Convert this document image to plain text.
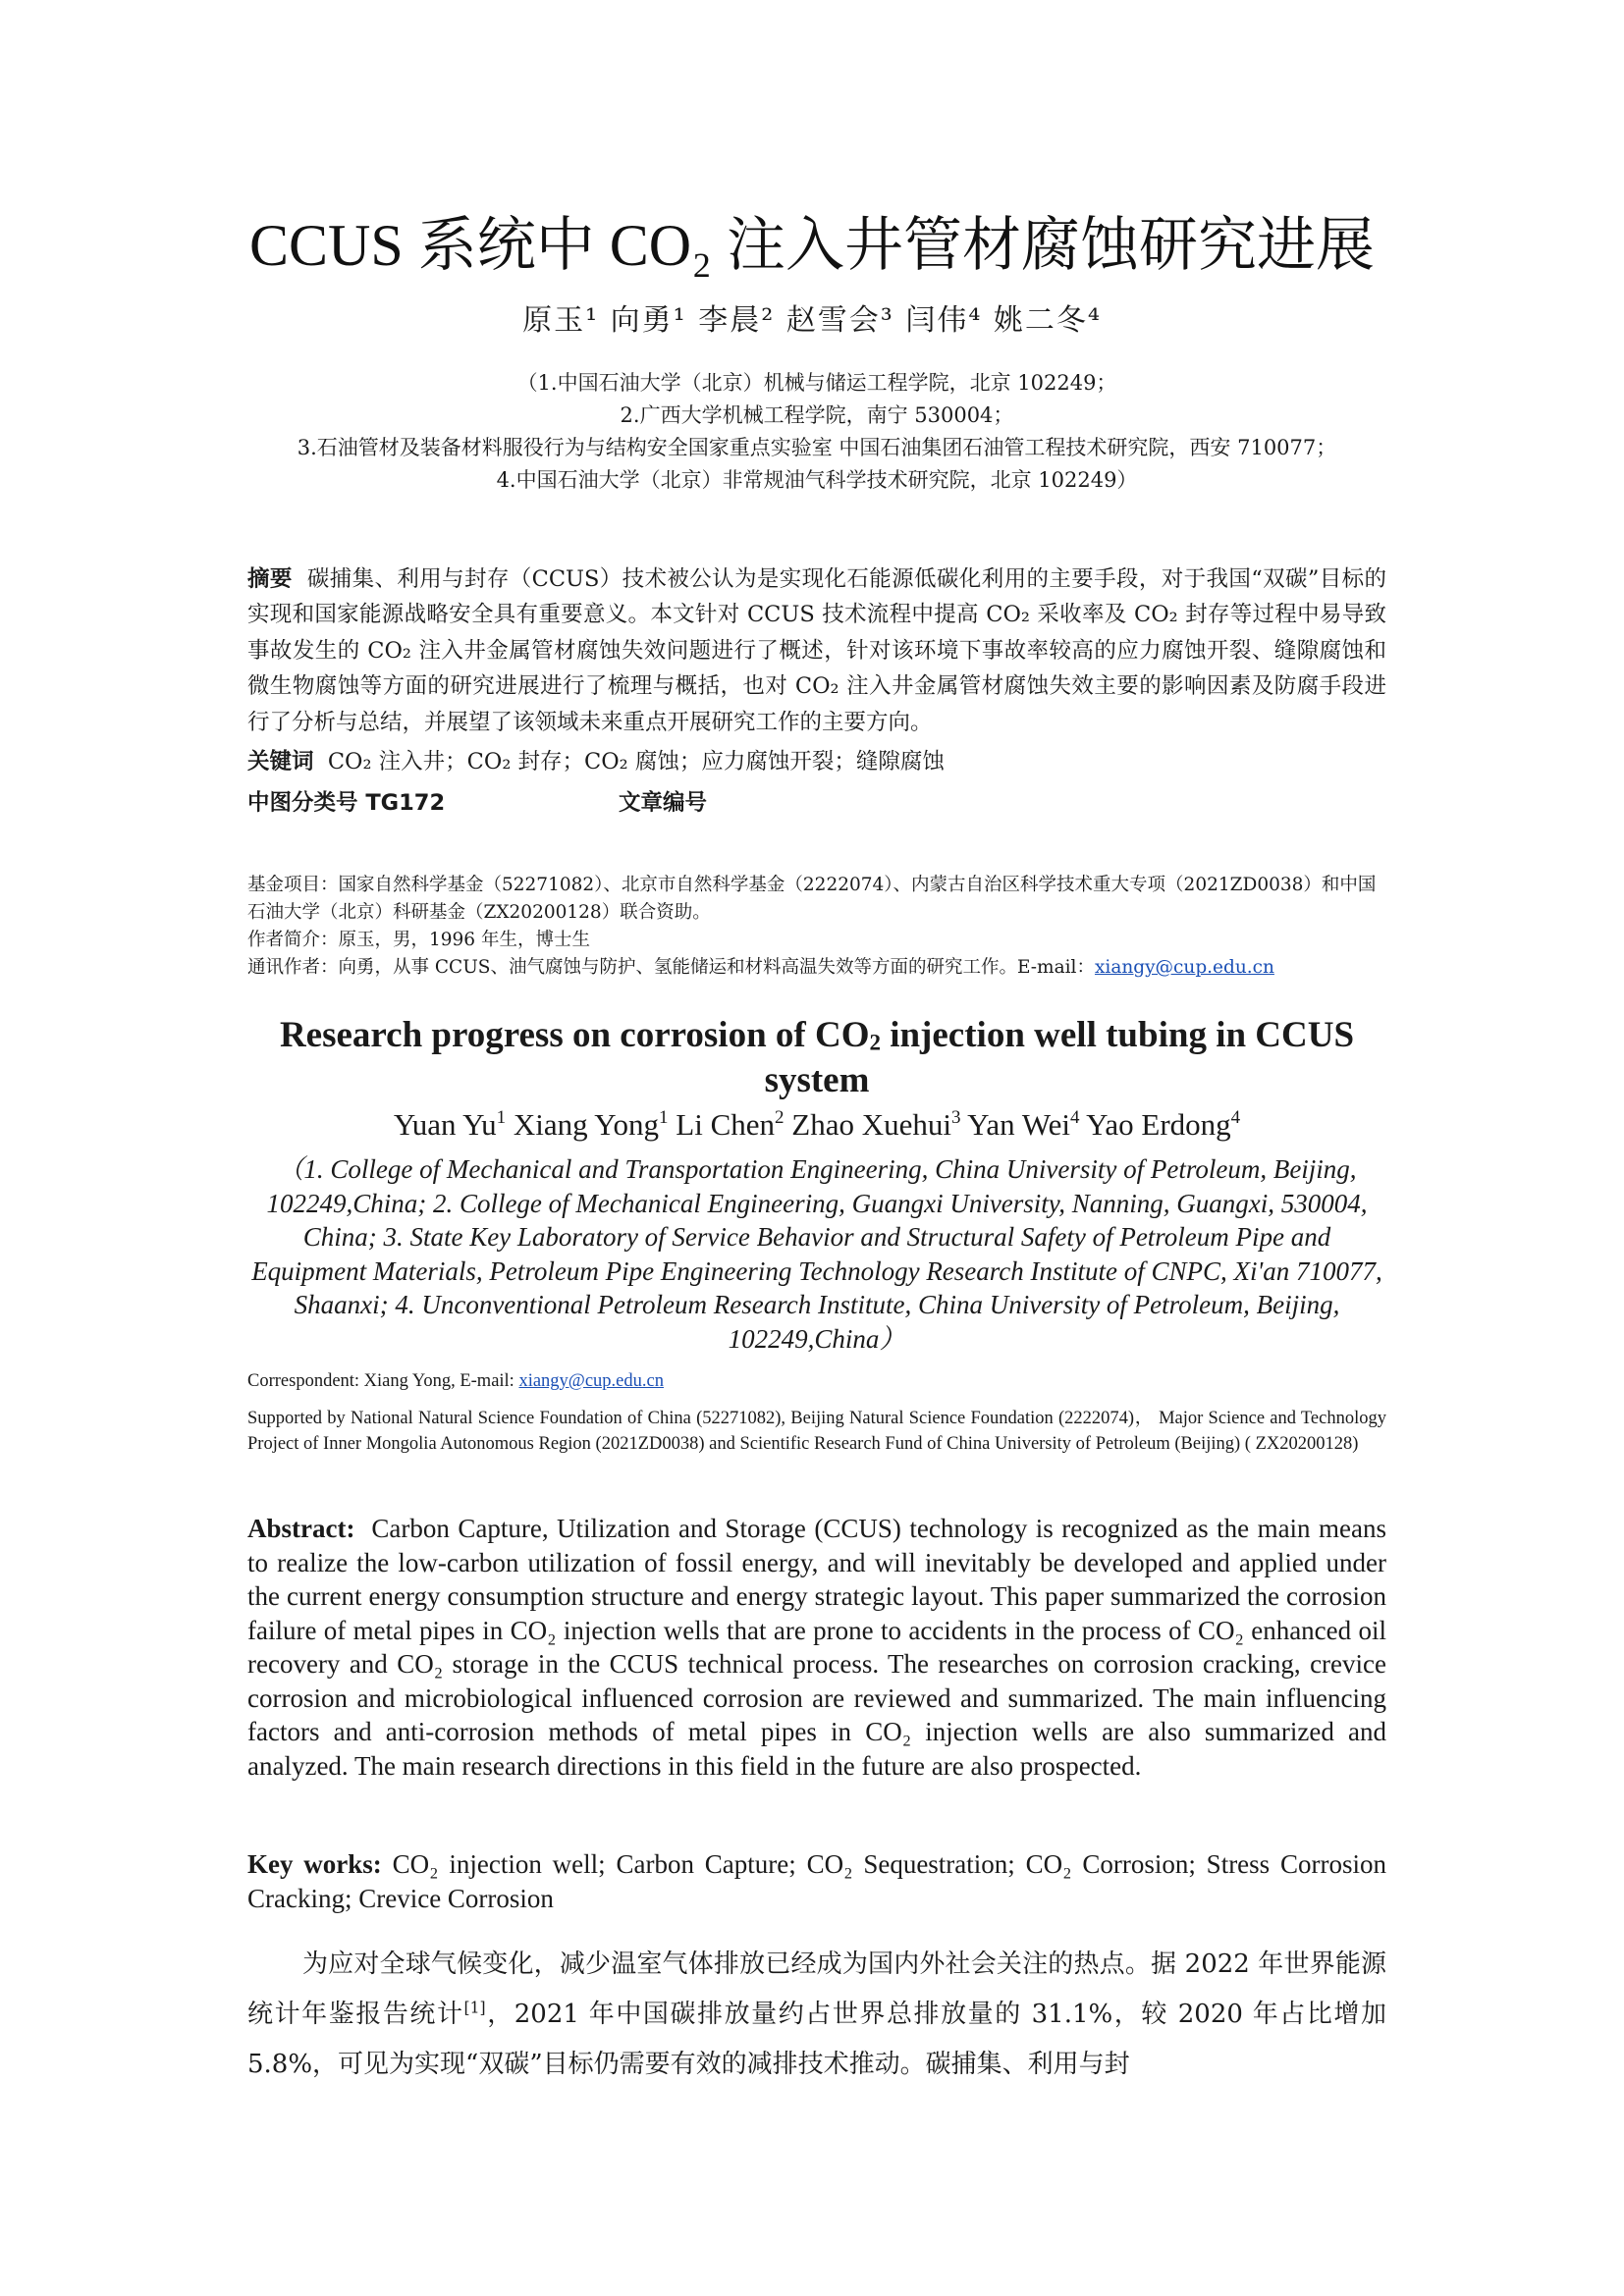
CCUS 系统中 CO₂ 注入井管材腐蚀研究进展
原玉¹ 向勇¹ 李晨² 赵雪会³ 闫伟⁴ 姚二冬⁴
（1.中国石油大学（北京）机械与储运工程学院，北京 102249；
2.广西大学机械工程学院，南宁 530004；
3.石油管材及装备材料服役行为与结构安全国家重点实验室 中国石油集团石油管工程技术研究院，西安 710077；
4.中国石油大学（北京）非常规油气科学技术研究院，北京 102249）

摘要 碳捕集、利用与封存（CCUS）技术被公认为是实现化石能源低碳化利用的主要手段，对于我国“双碳”目标的实现和国家能源战略安全具有重要意义。本文针对 CCUS 技术流程中提高 CO₂ 采收率及 CO₂ 封存等过程中易导致事故发生的 CO₂ 注入井金属管材腐蚀失效问题进行了概述，针对该环境下事故率较高的应力腐蚀开裂、缝隙腐蚀和微生物腐蚀等方面的研究进展进行了梳理与概括，也对 CO₂ 注入井金属管材腐蚀失效主要的影响因素及防腐手段进行了分析与总结，并展望了该领域未来重点开展研究工作的主要方向。

关键词 CO₂ 注入井；CO₂ 封存；CO₂ 腐蚀；应力腐蚀开裂；缝隙腐蚀
中图分类号 TG172	文章编号

基金项目：国家自然科学基金（52271082）、北京市自然科学基金（2222074）、内蒙古自治区科学技术重大专项（2021ZD0038）和中国石油大学（北京）科研基金（ZX20200128）联合资助。

作者简介：原玉，男，1996 年生，博士生

通讯作者：向勇，从事 CCUS、油气腐蚀与防护、氢能储运和材料高温失效等方面的研究工作。E-mail：xiangy@cup.edu.cn

Research progress on corrosion of $CO_2$ injection well tubing in CCUS system
Yuan Yu$^1$ Xiang Yong$^1$ Li Chen$^2$ Zhao Xuehui$^3$ Yan Wei$^4$ Yao Erdong$^4$
（1. College of Mechanical and Transportation Engineering, China University of Petroleum, Beijing, 102249,China; 2. College of Mechanical Engineering, Guangxi University, Nanning, Guangxi, 530004, China; 3. State Key Laboratory of Service Behavior and Structural Safety of Petroleum Pipe and Equipment Materials, Petroleum Pipe Engineering Technology Research Institute of CNPC, Xi'an 710077, Shaanxi; 4. Unconventional Petroleum Research Institute, China University of Petroleum, Beijing, 102249,China）
Correspondent: Xiang Yong, E-mail: xiangy@cup.edu.cn
Supported by National Natural Science Foundation of China (52271082), Beijing Natural Science Foundation (2222074)， Major Science and Technology Project of Inner Mongolia Autonomous Region (2021ZD0038) and Scientific Research Fund of China University of Petroleum (Beijing) ( ZX20200128)

Abstract: Carbon Capture, Utilization and Storage (CCUS) technology is recognized as the main means to realize the low-carbon utilization of fossil energy, and will inevitably be developed and applied under the current energy consumption structure and energy strategic layout. This paper summarized the corrosion failure of metal pipes in CO₂ injection wells that are prone to accidents in the process of CO₂ enhanced oil recovery and CO₂ storage in the CCUS technical process. The researches on corrosion cracking, crevice corrosion and microbiological influenced corrosion are reviewed and summarized. The main influencing factors and anti-corrosion methods of metal pipes in CO₂ injection wells are also summarized and analyzed. The main research directions in this field in the future are also prospected.

Key works: CO₂ injection well; Carbon Capture; CO₂ Sequestration; CO₂ Corrosion; Stress Corrosion Cracking; Crevice Corrosion

为应对全球气候变化，减少温室气体排放已经成为国内外社会关注的热点。据 2022 年世界能源统计年鉴报告统计[1]，2021 年中国碳排放量约占世界总排放量的 31.1%，较 2020 年占比增加 5.8%，可见为实现“双碳”目标仍需要有效的减排技术推动。碳捕集、利用与封
